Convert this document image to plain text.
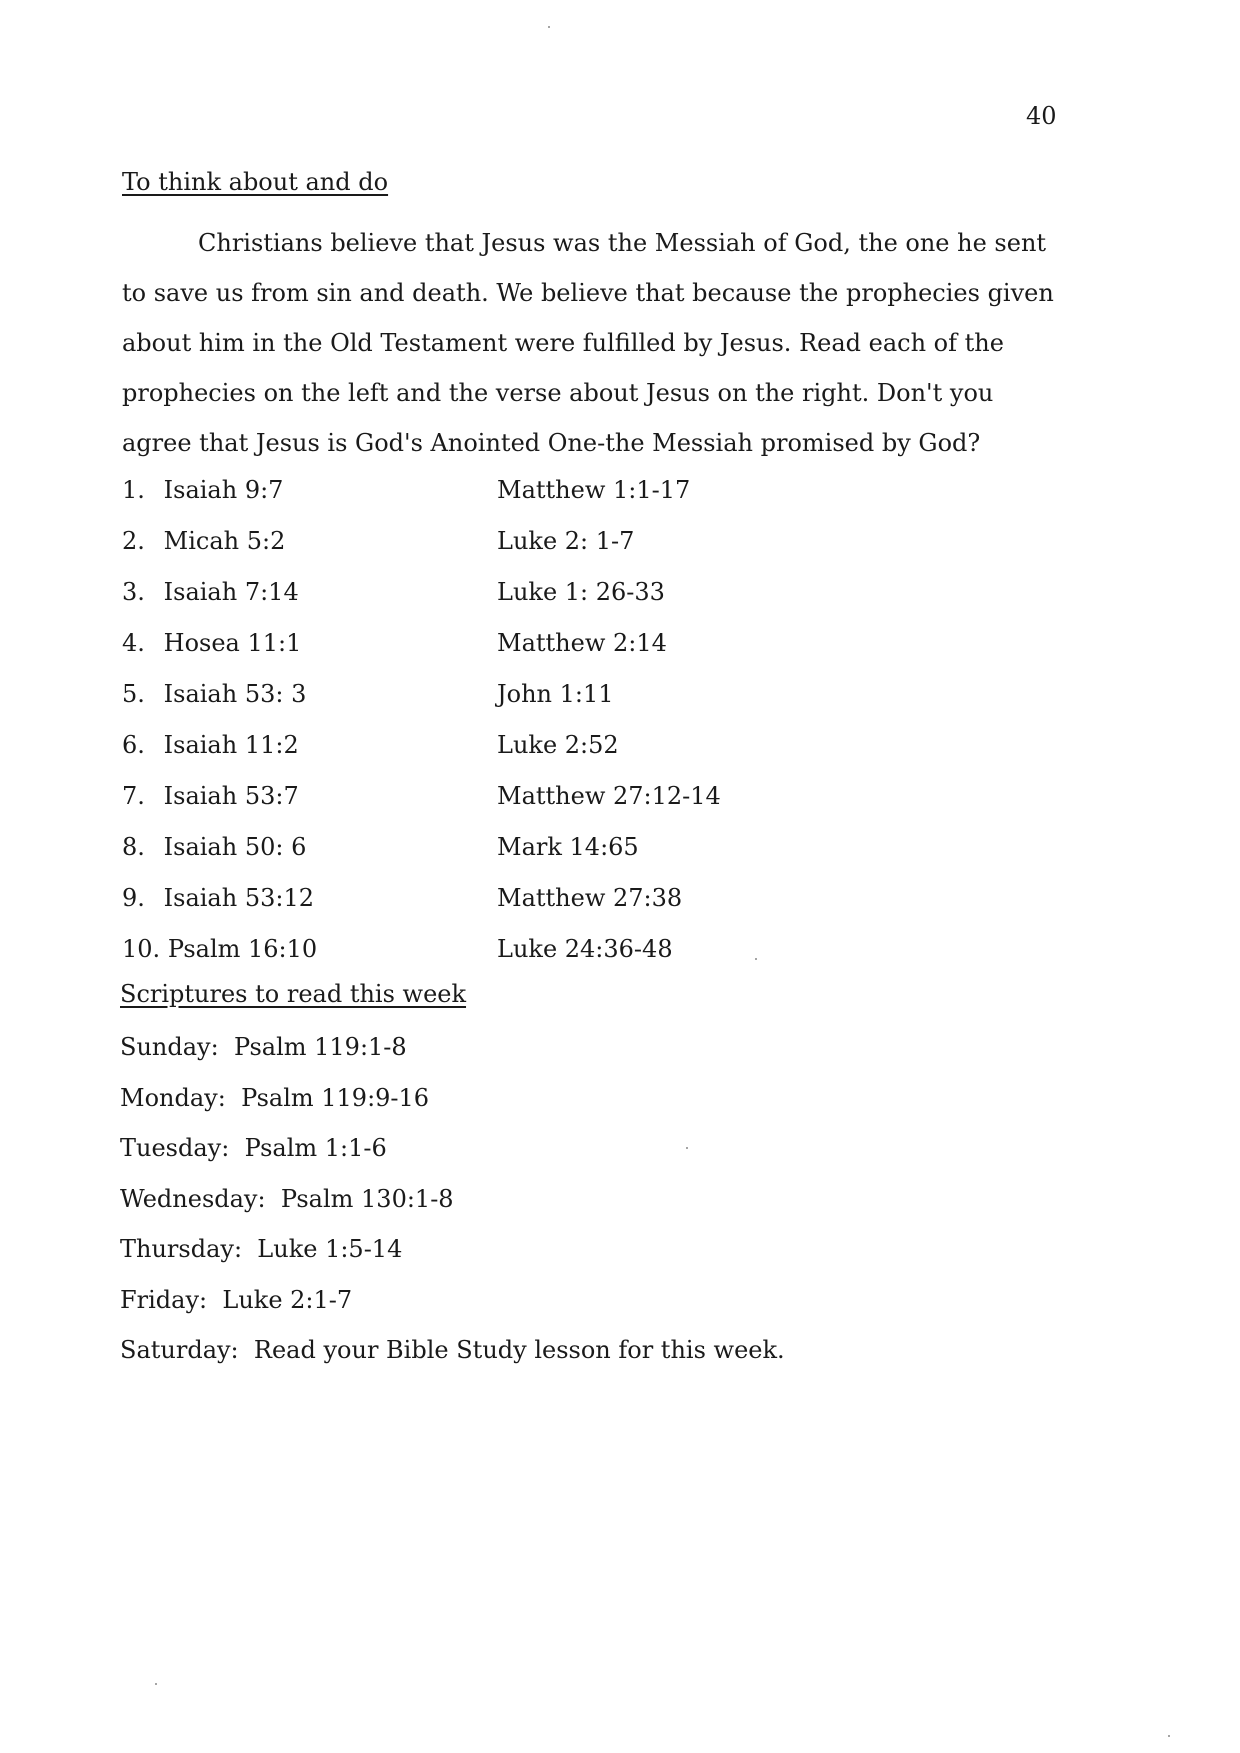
40
To think about and do
Christians believe that Jesus was the Messiah of God, the one he sent
to save us from sin and death. We believe that because the prophecies given
about him in the Old Testament were fulfilled by Jesus. Read each of the
prophecies on the left and the verse about Jesus on the right. Don't you
agree that Jesus is God's Anointed One-the Messiah promised by God?
1. Isaiah 9:7	Matthew 1:1-17
2. Micah 5:2	Luke 2: 1-7
3. Isaiah 7:14	Luke 1: 26-33
4. Hosea 11:1	Matthew 2:14
5. Isaiah 53: 3	John 1:11
6. Isaiah 11:2	Luke 2:52
7. Isaiah 53:7	Matthew 27:12-14
8. Isaiah 50: 6	Mark 14:65
9. Isaiah 53:12	Matthew 27:38
10. Psalm 16:10	Luke 24:36-48
Scriptures to read this week
Sunday: Psalm 119:1-8
Monday: Psalm 119:9-16
Tuesday: Psalm 1:1-6
Wednesday: Psalm 130:1-8
Thursday: Luke 1:5-14
Friday: Luke 2:1-7
Saturday: Read your Bible Study lesson for this week.
